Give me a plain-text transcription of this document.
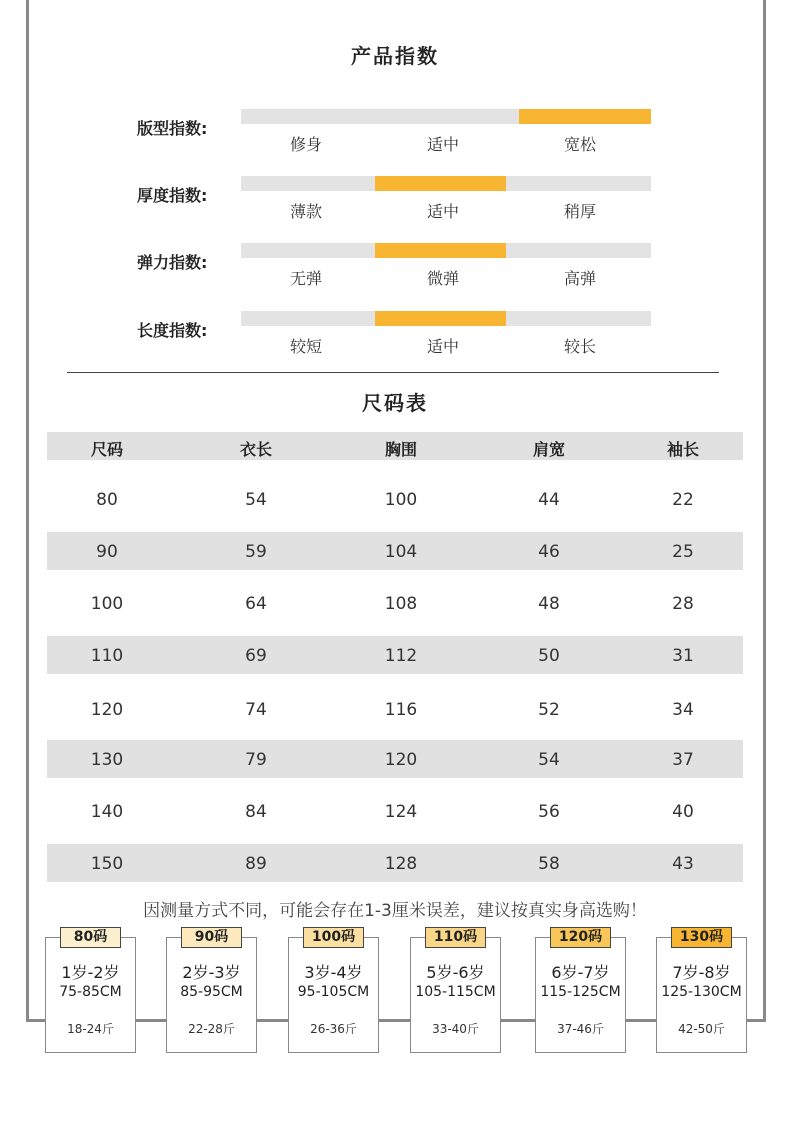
产品指数
版型指数:
修身	适中	宽松
厚度指数:
薄款	适中	稍厚
弹力指数:
无弹	微弹	高弹
长度指数:
较短	适中	较长
尺码表
尺码	衣长	胸围	肩宽	袖长
80	54	100	44	22
90	59	104	46	25
100	64	108	48	28
110	69	112	50	31
120	74	116	52	34
130	79	120	54	37
140	84	124	56	40
150	89	128	58	43
因测量方式不同，可能会存在1-3厘米误差，建议按真实身高选购！
80码
1岁-2岁
75-85CM
18-24斤
90码
2岁-3岁
85-95CM
22-28斤
100码
3岁-4岁
95-105CM
26-36斤
110码
5岁-6岁
105-115CM
33-40斤
120码
6岁-7岁
115-125CM
37-46斤
130码
7岁-8岁
125-130CM
42-50斤
